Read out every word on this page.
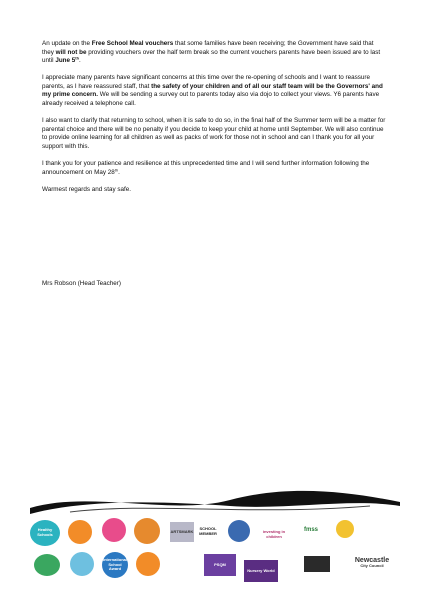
An update on the Free School Meal vouchers that some families have been receiving; the Government have said that they will not be providing vouchers over the half term break so the current vouchers parents have been issued are to last until June 5th.

I appreciate many parents have significant concerns at this time over the re-opening of schools and I want to reassure parents, as I have reassured staff, that the safety of your children and of all our staff team will be the Governors' and my prime concern. We will be sending a survey out to parents today also via dojo to collect your views. Y6 parents have already received a telephone call.

I also want to clarify that returning to school, when it is safe to do so, in the final half of the Summer term will be a matter for parental choice and there will be no penalty if you decide to keep your child at home until September. We will also continue to provide online learning for all children as well as packs of work for those not in school and can I thank you for all your support with this.

I thank you for your patience and resilience at this unprecedented time and I will send further information following the announcement on May 28th.

Warmest regards and stay safe.

Mrs Robson (Head Teacher)
Healthy Schools
ARTSMARK	SCHOOL MEMBER	investing in children
fmss
International School Award
PSQM
Nursery World
Newcastle
City Council
